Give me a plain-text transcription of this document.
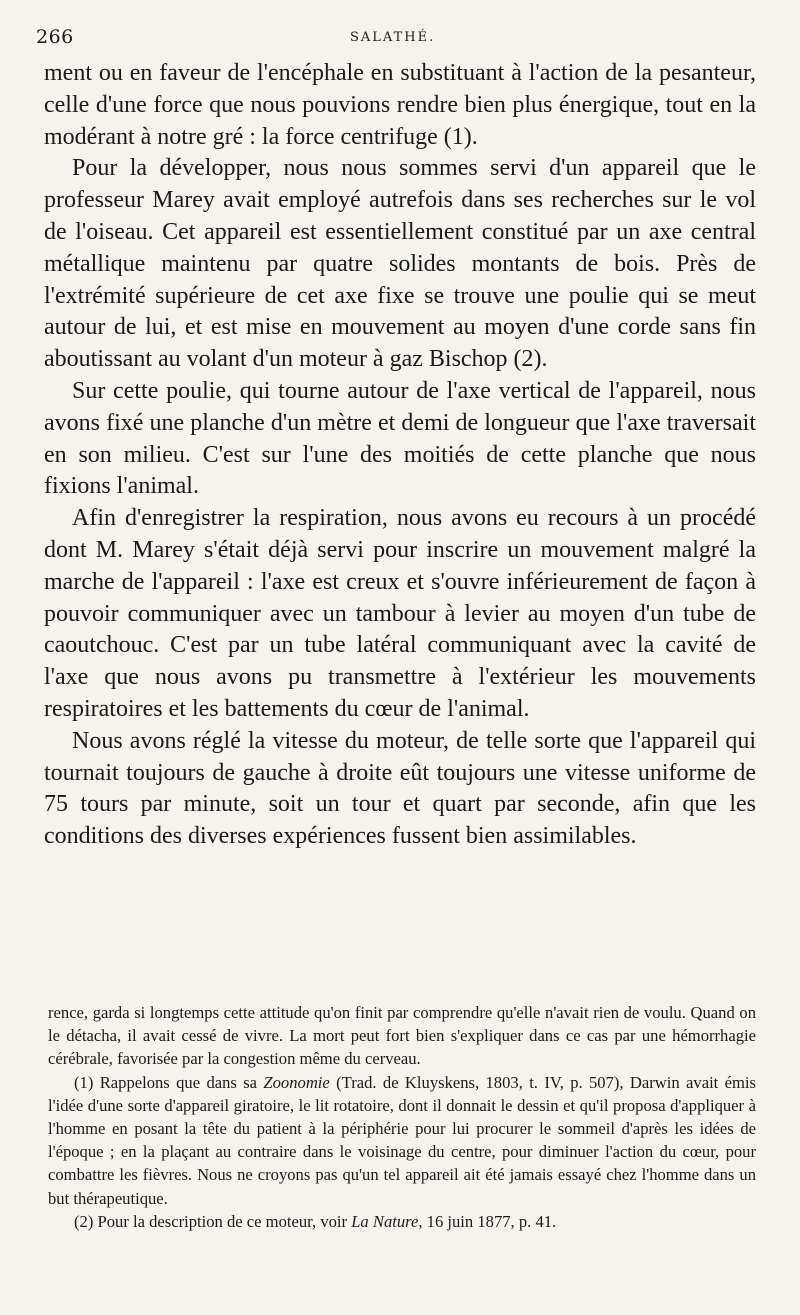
266	SALATHÉ.

ment ou en faveur de l'encéphale en substituant à l'action de la pesanteur, celle d'une force que nous pouvions rendre bien plus énergique, tout en la modérant à notre gré : la force centrifuge (1).

Pour la développer, nous nous sommes servi d'un appareil que le professeur Marey avait employé autrefois dans ses recherches sur le vol de l'oiseau. Cet appareil est essentiellement constitué par un axe central métallique maintenu par quatre solides montants de bois. Près de l'extrémité supérieure de cet axe fixe se trouve une poulie qui se meut autour de lui, et est mise en mouvement au moyen d'une corde sans fin aboutissant au volant d'un moteur à gaz Bischop (2).

Sur cette poulie, qui tourne autour de l'axe vertical de l'appareil, nous avons fixé une planche d'un mètre et demi de longueur que l'axe traversait en son milieu. C'est sur l'une des moitiés de cette planche que nous fixions l'animal.

Afin d'enregistrer la respiration, nous avons eu recours à un procédé dont M. Marey s'était déjà servi pour inscrire un mouvement malgré la marche de l'appareil : l'axe est creux et s'ouvre inférieurement de façon à pouvoir communiquer avec un tambour à levier au moyen d'un tube de caoutchouc. C'est par un tube latéral communiquant avec la cavité de l'axe que nous avons pu transmettre à l'extérieur les mouvements respiratoires et les battements du cœur de l'animal.

Nous avons réglé la vitesse du moteur, de telle sorte que l'appareil qui tournait toujours de gauche à droite eût toujours une vitesse uniforme de 75 tours par minute, soit un tour et quart par seconde, afin que les conditions des diverses expériences fussent bien assimilables.

rence, garda si longtemps cette attitude qu'on finit par comprendre qu'elle n'avait rien de voulu. Quand on le détacha, il avait cessé de vivre. La mort peut fort bien s'expliquer dans ce cas par une hémorrhagie cérébrale, favorisée par la congestion même du cerveau.

(1) Rappelons que dans sa Zoonomie (Trad. de Kluyskens, 1803, t. IV, p. 507), Darwin avait émis l'idée d'une sorte d'appareil giratoire, le lit rotatoire, dont il donnait le dessin et qu'il proposa d'appliquer à l'homme en posant la tête du patient à la périphérie pour lui procurer le sommeil d'après les idées de l'époque ; en la plaçant au contraire dans le voisinage du centre, pour diminuer l'action du cœur, pour combattre les fièvres. Nous ne croyons pas qu'un tel appareil ait été jamais essayé chez l'homme dans un but thérapeutique.

(2) Pour la description de ce moteur, voir La Nature, 16 juin 1877, p. 41.
